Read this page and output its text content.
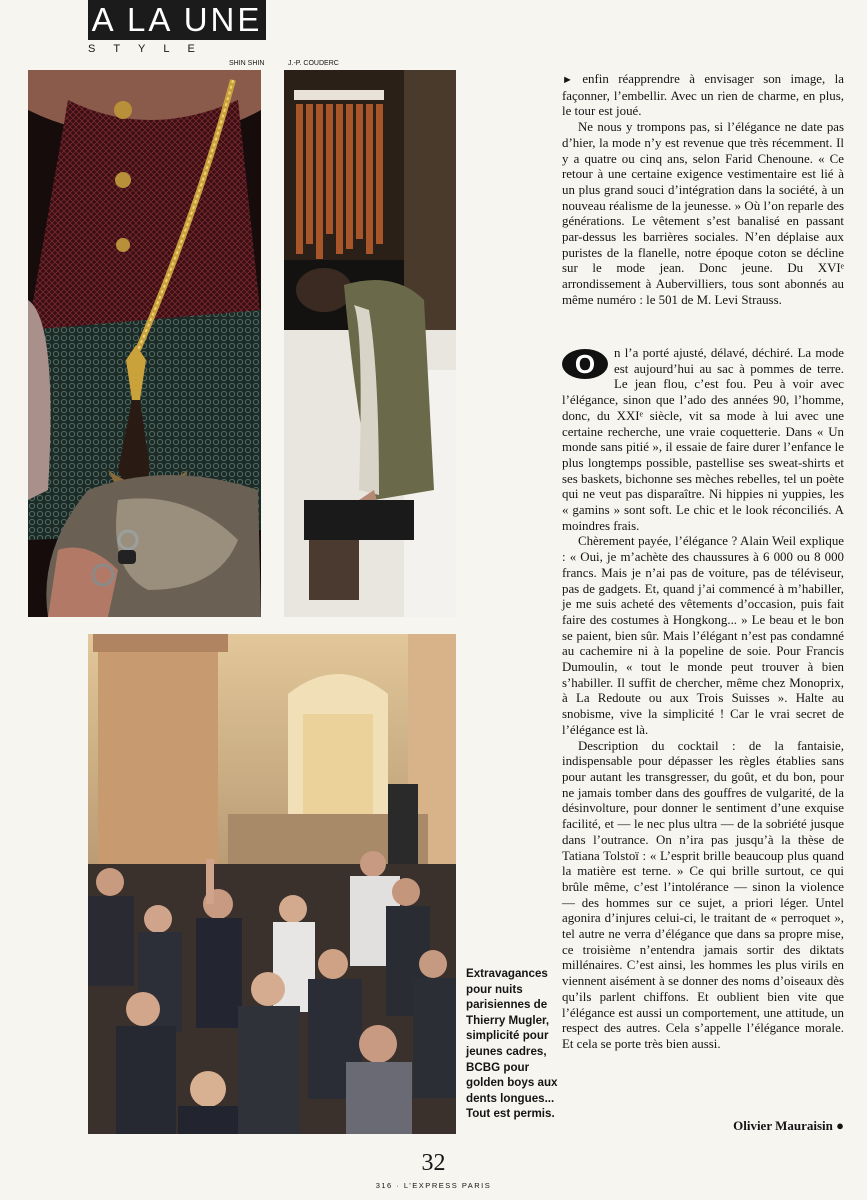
A LA UNE
STYLE
SHIN SHIN	J.-P. COUDERC

► enfin réapprendre à envisager son image, la façonner, l’embellir. Avec un rien de charme, en plus, le tour est joué.

Ne nous y trompons pas, si l’élégance ne date pas d’hier, la mode n’y est revenue que très récemment. Il y a quatre ou cinq ans, selon Farid Chenoune. « Ce retour à une certaine exigence vestimentaire est lié à un plus grand souci d’intégration dans la société, à un nouveau réalisme de la jeunesse. » Où l’on reparle des générations. Le vêtement s’est banalisé en passant par-dessus les barrières sociales. N’en déplaise aux puristes de la flanelle, notre époque coton se décline sur le mode jean. Donc jeune. Du XVIᵉ arrondissement à Aubervilliers, tous sont abonnés au même numéro : le 501 de M. Levi Strauss.

O	n l’a porté ajusté, délavé, déchiré. La mode est aujourd’hui au sac à pommes de terre. Le jean flou, c’est fou. Peu à voir avec l’élégance, sinon que l’ado des années 90, l’homme, donc, du XXIᵉ siècle, vit sa mode à lui avec une certaine recherche, une vraie coquetterie. Dans « Un monde sans pitié », il essaie de faire durer l’enfance le plus longtemps possible, pastellise ses sweat-shirts et ses baskets, bichonne ses mèches rebelles, tel un poète qui ne veut pas disparaître. Ni hippies ni yuppies, les « gamins » sont soft. Le chic et le look réconciliés. A moindres frais.

Chèrement payée, l’élégance ? Alain Weil explique : « Oui, je m’achète des chaussures à 6 000 ou 8 000 francs. Mais je n’ai pas de voiture, pas de téléviseur, pas de gadgets. Et, quand j’ai commencé à m’habiller, je me suis acheté des vêtements d’occasion, puis fait faire des costumes à Hongkong... » Le beau et le bon se paient, bien sûr. Mais l’élégant n’est pas condamné au cachemire ni à la popeline de soie. Pour Francis Dumoulin, « tout le monde peut trouver à bien s’habiller. Il suffit de chercher, même chez Monoprix, à La Redoute ou aux Trois Suisses ». Halte au snobisme, vive la simplicité ! Car le vrai secret de l’élégance est là.

Description du cocktail : de la fantaisie, indispensable pour dépasser les règles établies sans pour autant les transgresser, du goût, et du bon, pour ne jamais tomber dans des gouffres de vulgarité, de la désinvolture, pour donner le sentiment d’une exquise facilité, et — le nec plus ultra — de la sobriété jusque dans l’outrance. On n’ira pas jusqu’à la thèse de Tatiana Tolstoï : « L’esprit brille beaucoup plus quand la matière est terne. » Ce qui brille surtout, ce qui brûle même, c’est l’intolérance — sinon la violence — des hommes sur ce sujet, a priori léger. Untel agonira d’injures celui-ci, le traitant de « perroquet », tel autre ne verra d’élégance que dans sa propre mise, ce troisième n’entendra jamais sortir des diktats millénaires. C’est ainsi, les hommes les plus virils en viennent aisément à se donner des noms d’oiseaux dès qu’ils parlent chiffons. Et oublient bien vite que l’élégance est aussi un comportement, une attitude, un respect des autres. Cela s’appelle l’élégance morale. Et cela se porte très bien aussi.

Olivier Mauraisin ●
Extravagances pour nuits parisiennes de Thierry Mugler, simplicité pour jeunes cadres, BCBG pour golden boys aux dents longues... Tout est permis.
32
316 · L’EXPRESS PARIS
